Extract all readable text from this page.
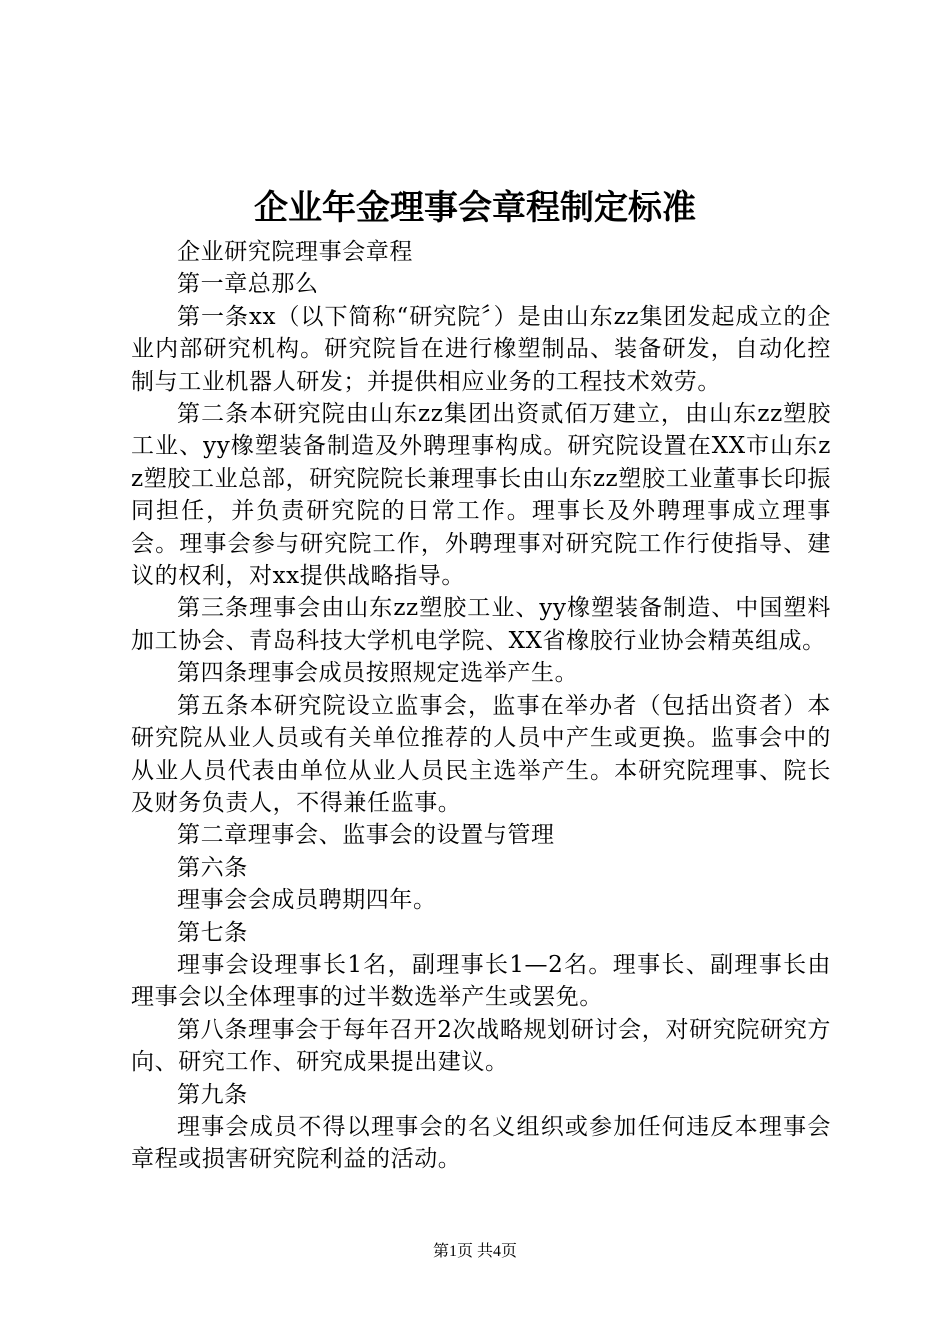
企业年金理事会章程制定标准

企业研究院理事会章程

第一章总那么

第一条xx（以下简称“研究院〞）是由山东zz集团发起成立的企业内部研究机构。研究院旨在进行橡塑制品、装备研发，自动化控制与工业机器人研发；并提供相应业务的工程技术效劳。

第二条本研究院由山东zz集团出资贰佰万建立，由山东zz塑胶工业、yy橡塑装备制造及外聘理事构成。研究院设置在XX市山东zz塑胶工业总部，研究院院长兼理事长由山东zz塑胶工业董事长印振同担任，并负责研究院的日常工作。理事长及外聘理事成立理事会。理事会参与研究院工作，外聘理事对研究院工作行使指导、建议的权利，对xx提供战略指导。

第三条理事会由山东zz塑胶工业、yy橡塑装备制造、中国塑料加工协会、青岛科技大学机电学院、XX省橡胶行业协会精英组成。

第四条理事会成员按照规定选举产生。

第五条本研究院设立监事会，监事在举办者（包括出资者）本研究院从业人员或有关单位推荐的人员中产生或更换。监事会中的从业人员代表由单位从业人员民主选举产生。本研究院理事、院长及财务负责人，不得兼任监事。

第二章理事会、监事会的设置与管理

第六条

理事会会成员聘期四年。

第七条

理事会设理事长1名，副理事长1—2名。理事长、副理事长由理事会以全体理事的过半数选举产生或罢免。

第八条理事会于每年召开2次战略规划研讨会，对研究院研究方向、研究工作、研究成果提出建议。

第九条

理事会成员不得以理事会的名义组织或参加任何违反本理事会章程或损害研究院利益的活动。

第1页 共4页
